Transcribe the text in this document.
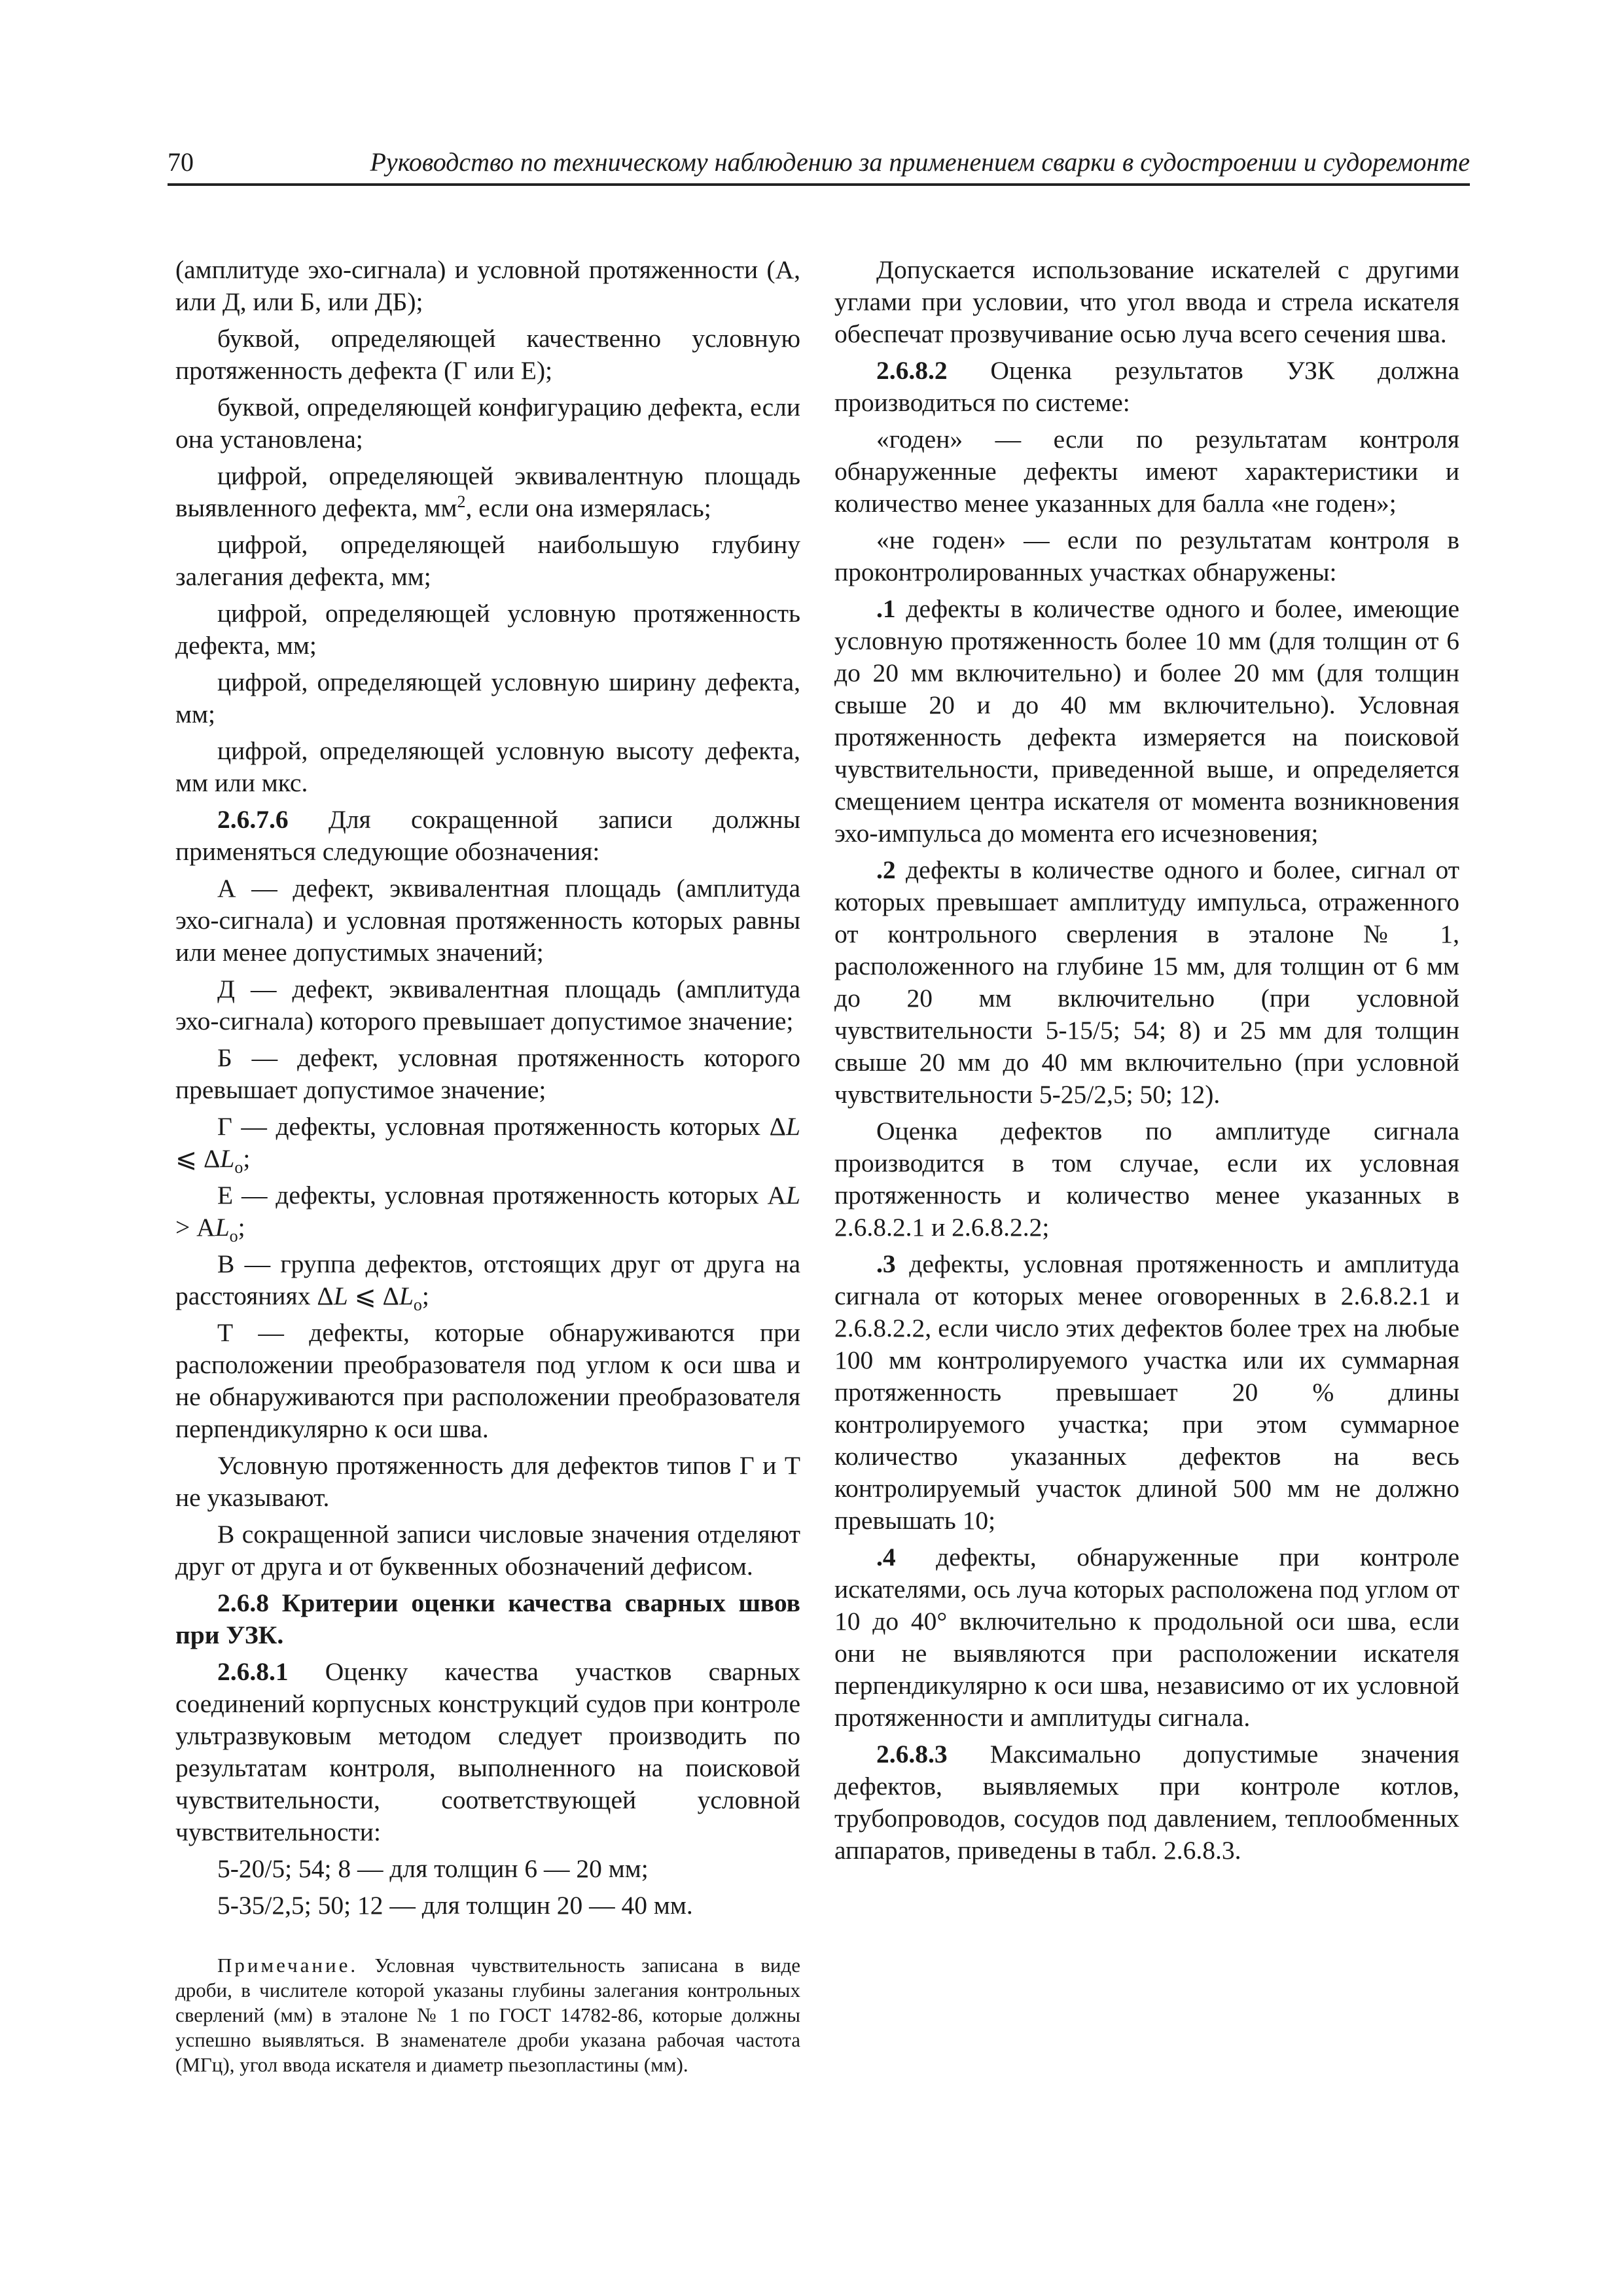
70	Руководство по техническому наблюдению за применением сварки в судостроении и судоремонте

(амплитуде эхо-сигнала) и условной протяженности (А, или Д, или Б, или ДБ);

буквой, определяющей качественно условную протяженность дефекта (Г или Е);

буквой, определяющей конфигурацию дефекта, если она установлена;

цифрой, определяющей эквивалентную площадь выявленного дефекта, $мм^2$, если она измерялась;

цифрой, определяющей наибольшую глубину залегания дефекта, мм;

цифрой, определяющей условную протяженность дефекта, мм;

цифрой, определяющей условную ширину дефекта, мм;

цифрой, определяющей условную высоту дефекта, мм или мкс.

2.6.7.6 Для сокращенной записи должны применяться следующие обозначения:

А — дефект, эквивалентная площадь (амплитуда эхо-сигнала) и условная протяженность которых равны или менее допустимых значений;

Д — дефект, эквивалентная площадь (амплитуда эхо-сигнала) которого превышает допустимое значение;

Б — дефект, условная протяженность которого превышает допустимое значение;

Г — дефекты, условная протяженность которых ΔL ⩽ $\Delta L_o$;

Е — дефекты, условная протяженность которых АL > $АL_o$;

В — группа дефектов, отстоящих друг от друга на расстояниях ΔL ⩽ $\Delta L_o$;

Т — дефекты, которые обнаруживаются при расположении преобразователя под углом к оси шва и не обнаруживаются при расположении преобразователя перпендикулярно к оси шва.

Условную протяженность для дефектов типов Г и Т не указывают.

В сокращенной записи числовые значения отделяют друг от друга и от буквенных обозначений дефисом.

2.6.8 Критерии оценки качества сварных швов при УЗК.

2.6.8.1 Оценку качества участков сварных соединений корпусных конструкций судов при контроле ультразвуковым методом следует производить по результатам контроля, выполненного на поисковой чувствительности, соответствующей условной чувствительности:

5-20/5; 54; 8 — для толщин 6 — 20 мм;

5-35/2,5; 50; 12 — для толщин 20 — 40 мм.

Примечание. Условная чувствительность записана в виде дроби, в числителе которой указаны глубины залегания контрольных сверлений (мм) в эталоне № 1 по ГОСТ 14782-86, которые должны успешно выявляться. В знаменателе дроби указана рабочая частота (МГц), угол ввода искателя и диаметр пьезопластины (мм).

Допускается использование искателей с другими углами при условии, что угол ввода и стрела искателя обеспечат прозвучивание осью луча всего сечения шва.

2.6.8.2 Оценка результатов УЗК должна производиться по системе:

«годен» — если по результатам контроля обнаруженные дефекты имеют характеристики и количество менее указанных для балла «не годен»;

«не годен» — если по результатам контроля в проконтролированных участках обнаружены:

.1 дефекты в количестве одного и более, имеющие условную протяженность более 10 мм (для толщин от 6 до 20 мм включительно) и более 20 мм (для толщин свыше 20 и до 40 мм включительно). Условная протяженность дефекта измеряется на поисковой чувствительности, приведенной выше, и определяется смещением центра искателя от момента возникновения эхо-импульса до момента его исчезновения;

.2 дефекты в количестве одного и более, сигнал от которых превышает амплитуду импульса, отраженного от контрольного сверления в эталоне № 1, расположенного на глубине 15 мм, для толщин от 6 мм до 20 мм включительно (при условной чувствительности 5-15/5; 54; 8) и 25 мм для толщин свыше 20 мм до 40 мм включительно (при условной чувствительности 5-25/2,5; 50; 12).

Оценка дефектов по амплитуде сигнала производится в том случае, если их условная протяженность и количество менее указанных в 2.6.8.2.1 и 2.6.8.2.2;

.3 дефекты, условная протяженность и амплитуда сигнала от которых менее оговоренных в 2.6.8.2.1 и 2.6.8.2.2, если число этих дефектов более трех на любые 100 мм контролируемого участка или их суммарная протяженность превышает 20 % длины контролируемого участка; при этом суммарное количество указанных дефектов на весь контролируемый участок длиной 500 мм не должно превышать 10;

.4 дефекты, обнаруженные при контроле искателями, ось луча которых расположена под углом от 10 до 40° включительно к продольной оси шва, если они не выявляются при расположении искателя перпендикулярно к оси шва, независимо от их условной протяженности и амплитуды сигнала.

2.6.8.3 Максимально допустимые значения дефектов, выявляемых при контроле котлов, трубопроводов, сосудов под давлением, теплообменных аппаратов, приведены в табл. 2.6.8.3.
